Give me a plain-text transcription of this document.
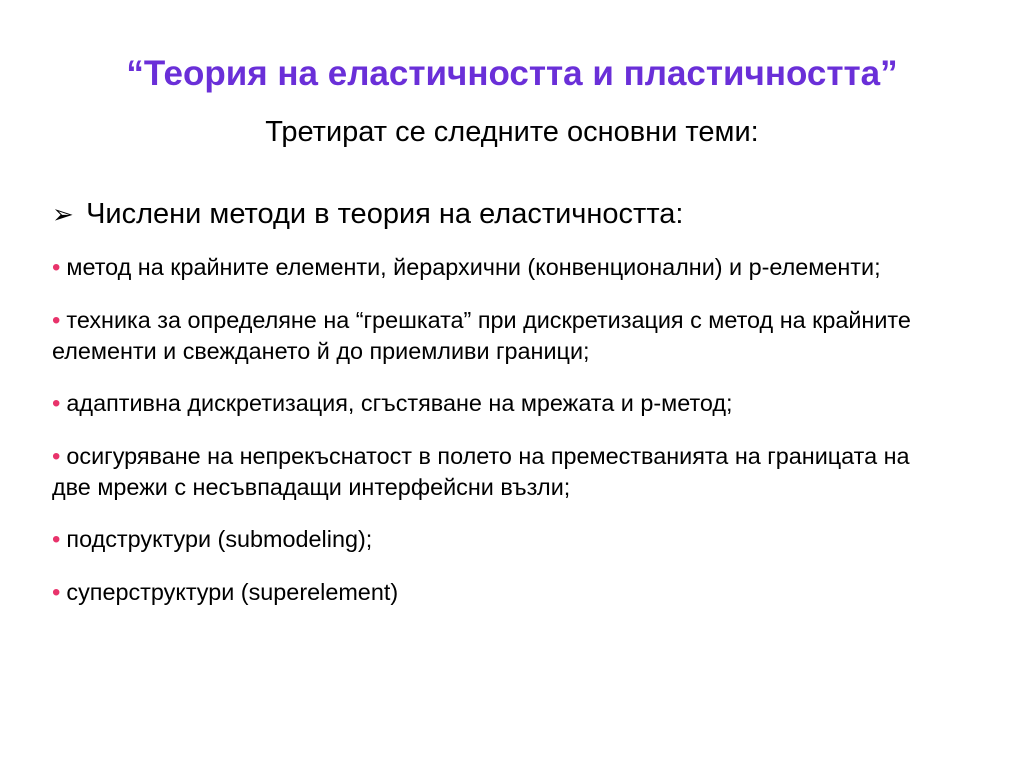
“Теория на еластичността и пластичността”
Третират се следните основни теми:
➢ Числени методи в теория на еластичността:
• метод на крайните елементи, йерархични (конвенционални) и p-елементи;
• техника за определяне на “грешката” при дискретизация с метод на крайните елементи и свеждането й до приемливи граници;
• адаптивна дискретизация, сгъстяване на мрежата и p-метод;
• осигуряване на непрекъснатост в полето на преместванията на границата на две мрежи с несъвпадащи интерфейсни възли;
• подструктури (submodeling);
• суперструктури (superelement)
